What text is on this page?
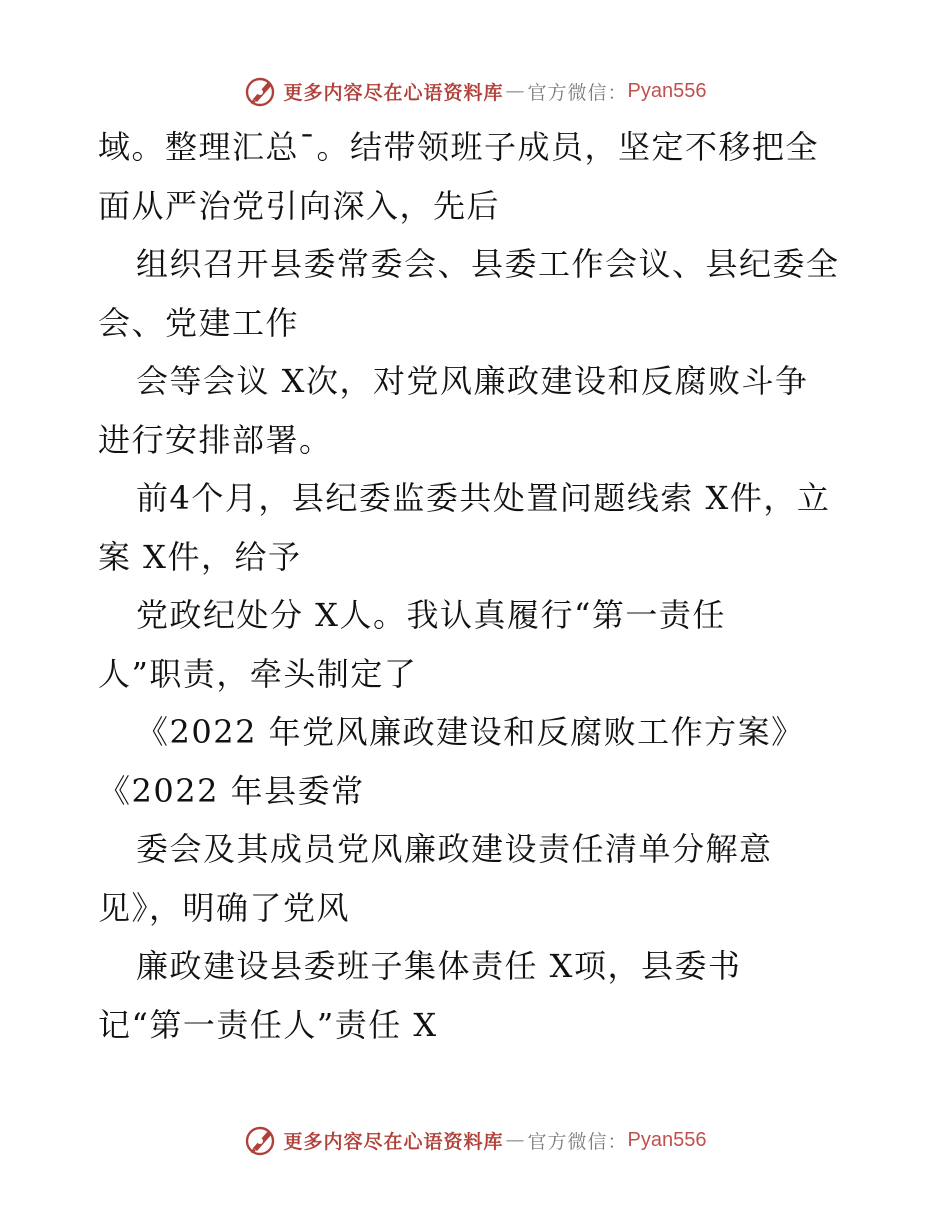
更多内容尽在心语资料库 — 官方微信： Pyan556
域。整理汇总¯。结带领班子成员，坚定不移把全
面从严治党引向深入，先后
组织召开县委常委会、县委工作会议、县纪委全
会、党建工作
会等会议 X次，对党风廉政建设和反腐败斗争
进行安排部署。
前4个月，县纪委监委共处置问题线索 X件，立
案 X件，给予
党政纪处分 X人。我认真履行“第一责任
人”职责，牵头制定了
《2022 年党风廉政建设和反腐败工作方案》
《2022 年县委常
委会及其成员党风廉政建设责任清单分解意
见》，明确了党风
廉政建设县委班子集体责任 X项，县委书
记“第一责任人”责任 X
更多内容尽在心语资料库 — 官方微信： Pyan556
